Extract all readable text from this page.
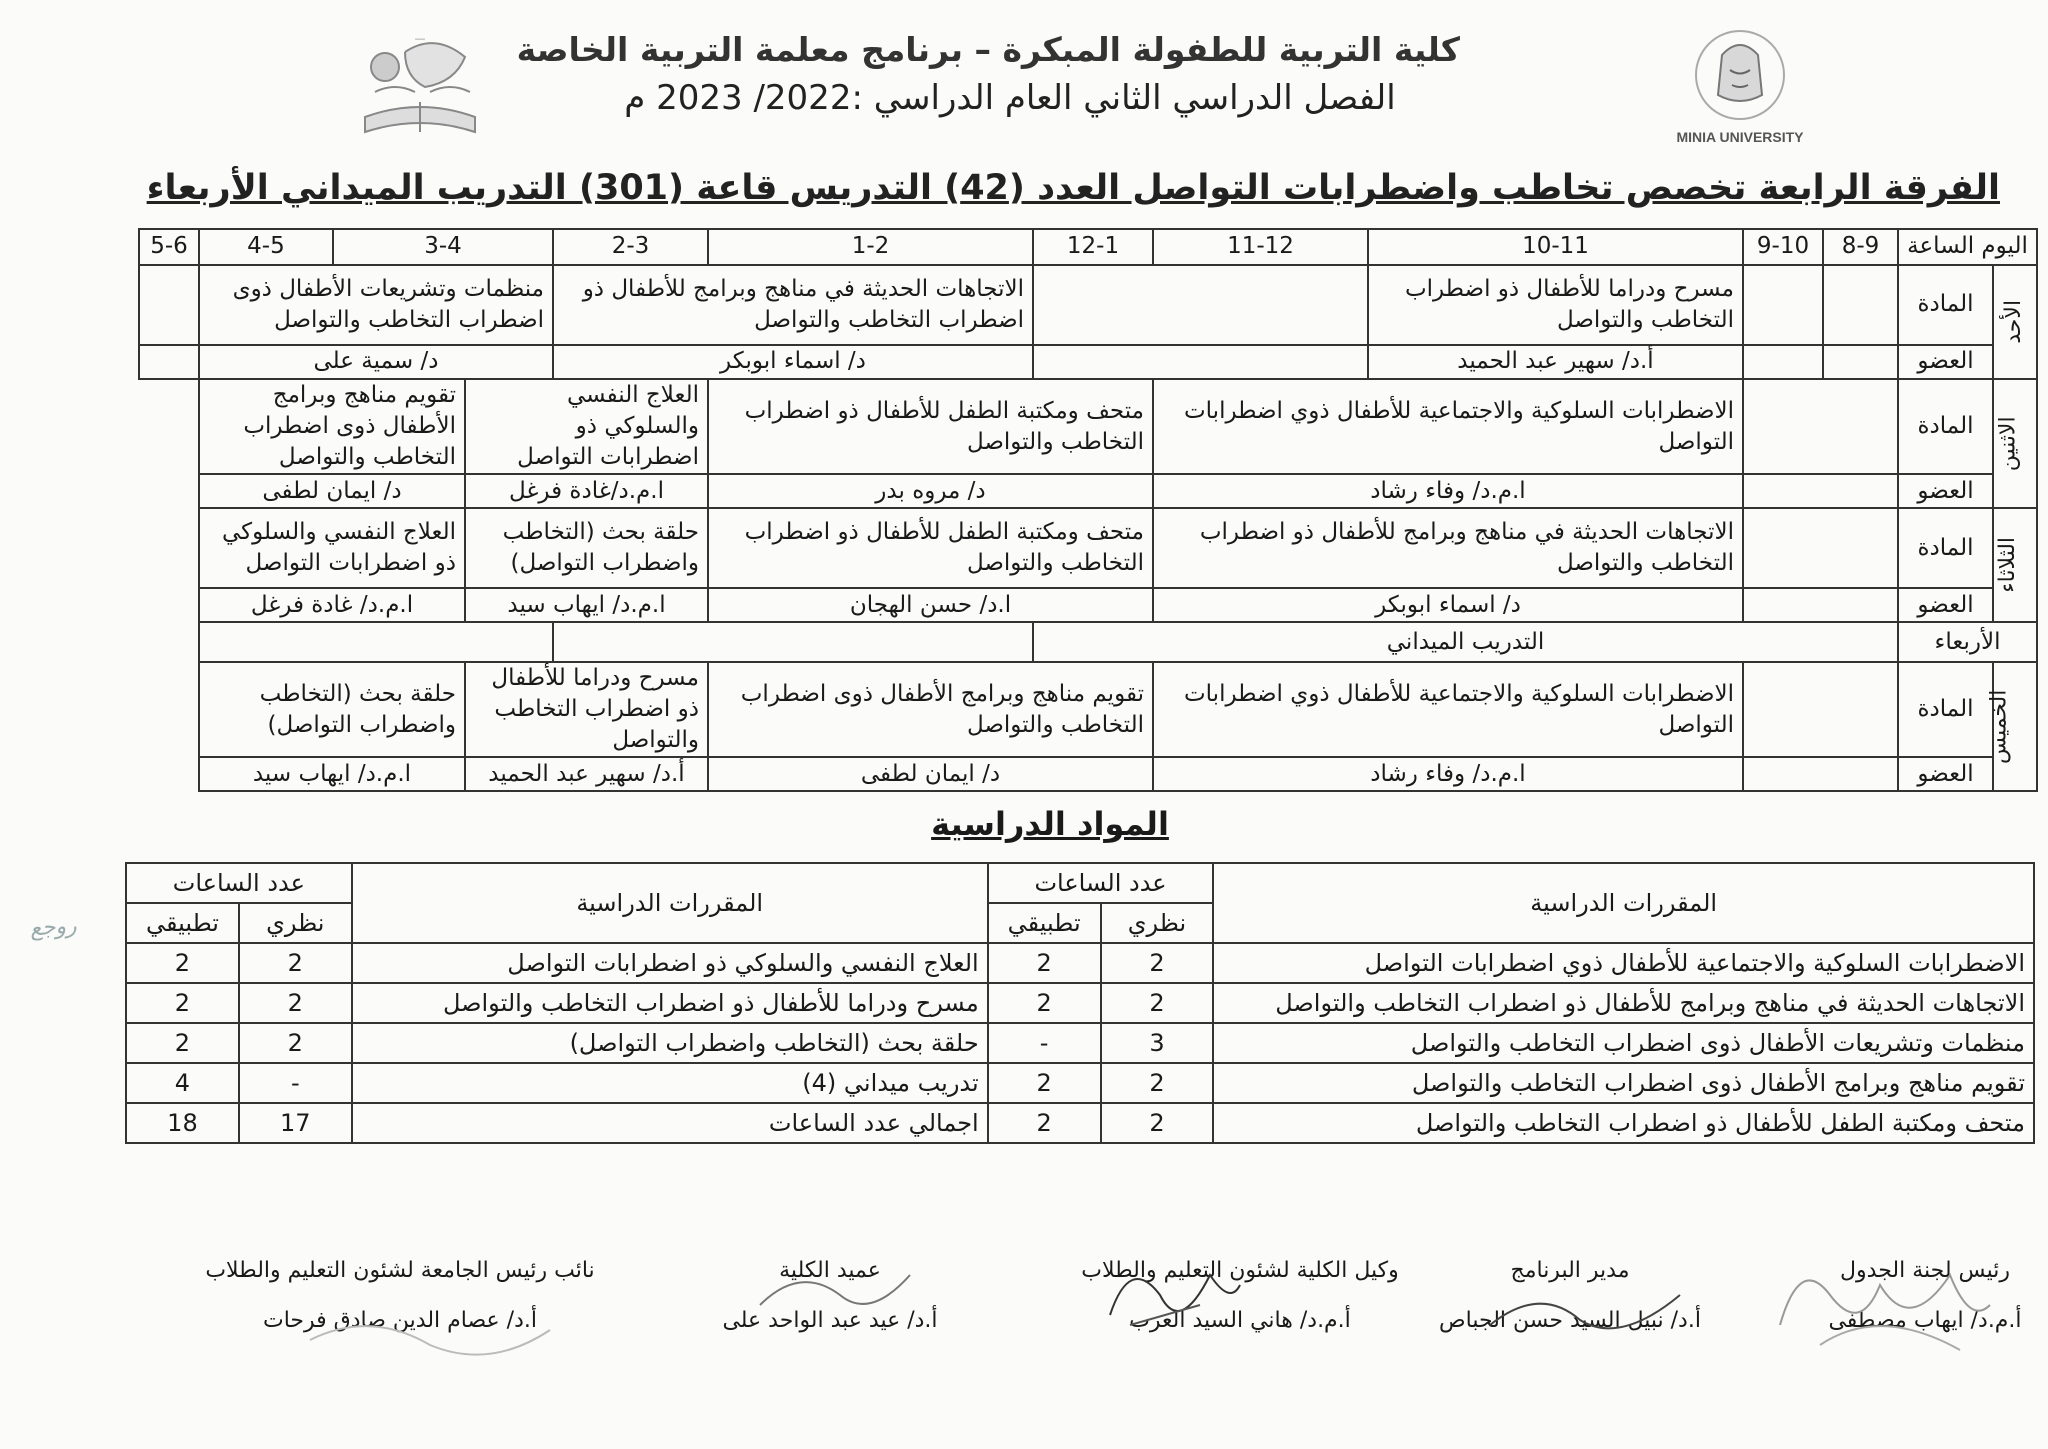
كلية التربية للطفولة المبكرة – برنامج معلمة التربية الخاصة
الفصل الدراسي الثاني العام الدراسي :2022/ 2023 م
الفرقة الرابعة تخصص تخاطب واضطرابات التواصل العدد (42) التدريس قاعة (301) التدريب الميداني الأربعاء
—
MINIA UNIVERSITY
اليوم الساعة		8-9	9-10	10-11	11-12	12-1	1-2	2-3	3-4		4-5	5-6
الأحد	المادة			مسرح ودراما للأطفال ذو اضطراب التخاطب والتواصل			الاتجاهات الحديثة في مناهج وبرامج للأطفال ذو اضطراب التخاطب والتواصل		منظمات وتشريعات الأطفال ذوى اضطراب التخاطب والتواصل			
	العضو			أ.د/ سهير عبد الحميد			د/ اسماء ابوبكر		د/ سمية على			
الاثنين	المادة			الاضطرابات السلوكية والاجتماعية للأطفال ذوي اضطرابات التواصل		متحف ومكتبة الطفل للأطفال ذو اضطراب التخاطب والتواصل		العلاج النفسي والسلوكي ذو اضطرابات التواصل		تقويم مناهج وبرامج الأطفال ذوى اضطراب التخاطب والتواصل		
	العضو			ا.م.د/ وفاء رشاد		د/ مروه بدر		ا.م.د/غادة فرغل		د/ ايمان لطفى		
الثلاثاء	المادة			الاتجاهات الحديثة في مناهج وبرامج للأطفال ذو اضطراب التخاطب والتواصل		متحف ومكتبة الطفل للأطفال ذو اضطراب التخاطب والتواصل		حلقة بحث (التخاطب واضطراب التواصل)		العلاج النفسي والسلوكي ذو اضطرابات التواصل		
	العضو			د/ اسماء ابوبكر		ا.د/ حسن الهجان		ا.م.د/ ايهاب سيد		ا.م.د/ غادة فرغل		
الأربعاء		التدريب الميداني										
الخميس	المادة			الاضطرابات السلوكية والاجتماعية للأطفال ذوي اضطرابات التواصل		تقويم مناهج وبرامج الأطفال ذوى اضطراب التخاطب والتواصل		مسرح ودراما للأطفال ذو اضطراب التخاطب والتواصل		حلقة بحث (التخاطب واضطراب التواصل)		
	العضو			ا.م.د/ وفاء رشاد		د/ ايمان لطفى		أ.د/ سهير عبد الحميد		ا.م.د/ ايهاب سيد		
المواد الدراسية
المقررات الدراسية	عدد الساعات		المقررات الدراسية	عدد الساعات	
	نظري	تطبيقي		نظري	تطبيقي
الاضطرابات السلوكية والاجتماعية للأطفال ذوي اضطرابات التواصل	2	2	العلاج النفسي والسلوكي ذو اضطرابات التواصل	2	2
الاتجاهات الحديثة في مناهج وبرامج للأطفال ذو اضطراب التخاطب والتواصل	2	2	مسرح ودراما للأطفال ذو اضطراب التخاطب والتواصل	2	2
منظمات وتشريعات الأطفال ذوى اضطراب التخاطب والتواصل	3	-	حلقة بحث (التخاطب واضطراب التواصل)	2	2
تقويم مناهج وبرامج الأطفال ذوى اضطراب التخاطب والتواصل	2	2	تدريب ميداني (4)	-	4
متحف ومكتبة الطفل للأطفال ذو اضطراب التخاطب والتواصل	2	2	اجمالي عدد الساعات	17	18
روجع
رئيس لجنة الجدول
أ.م.د/ ايهاب مصطفى
مدير البرنامج
أ.د/ نبيل السيد حسن الجباص
وكيل الكلية لشئون التعليم والطلاب
أ.م.د/ هاني السيد العرب
عميد الكلية
أ.د/ عيد عبد الواحد على
نائب رئيس الجامعة لشئون التعليم والطلاب
أ.د/ عصام الدين صادق فرحات
